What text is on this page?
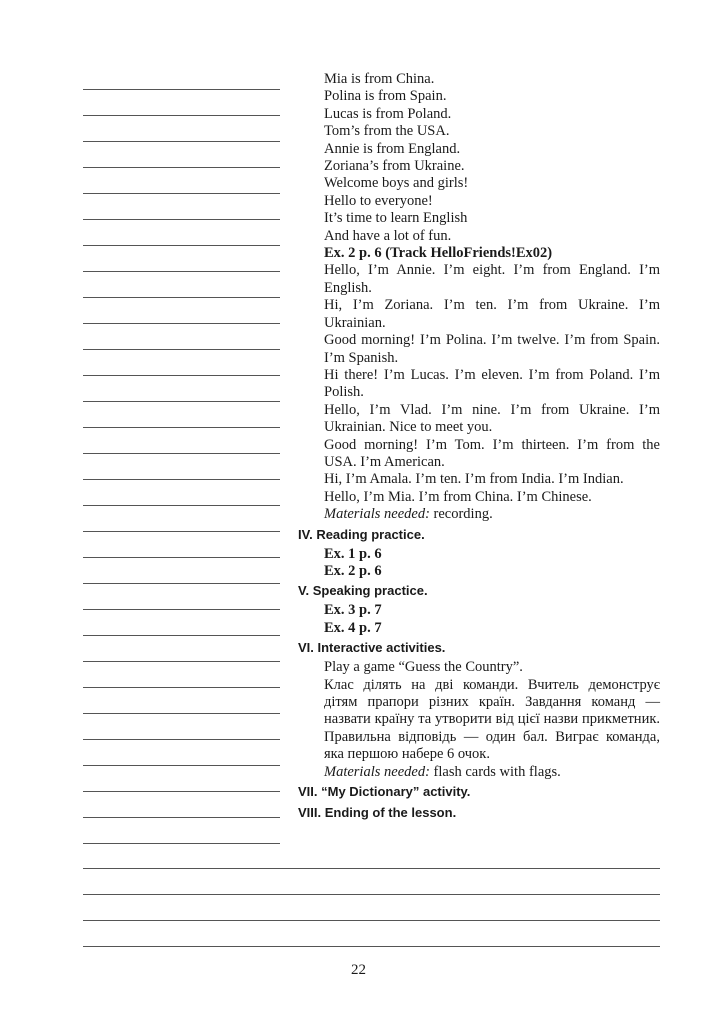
Mia is from China.
Polina is from Spain.
Lucas is from Poland.
Tom’s from the USA.
Annie is from England.
Zoriana’s from Ukraine.
Welcome boys and girls!
Hello to everyone!
It’s time to learn English
And have a lot of fun.
Ex. 2 p. 6 (Track HelloFriends!Ex02)
Hello, I’m Annie. I’m eight. I’m from England. I’m English.
Hi, I’m Zoriana. I’m ten. I’m from Ukraine. I’m Ukrainian.
Good morning! I’m Polina. I’m twelve. I’m from Spain. I’m Spanish.
Hi there! I’m Lucas. I’m eleven. I’m from Poland. I’m Polish.
Hello, I’m Vlad. I’m nine. I’m from Ukraine. I’m Ukrainian. Nice to meet you.
Good morning! I’m Tom. I’m thirteen. I’m from the USA. I’m American.
Hi, I’m Amala. I’m ten. I’m from India. I’m Indian.
Hello, I’m Mia. I’m from China. I’m Chinese.
Materials needed: recording.
IV. Reading practice.
Ex. 1 p. 6
Ex. 2 p. 6
V. Speaking practice.
Ex. 3 p. 7
Ex. 4 p. 7
VI. Interactive activities.
Play a game “Guess the Country”.
Клас ділять на дві команди. Вчитель демонструє дітям прапори різних країн. Завдання команд — назвати країну та утворити від цієї назви прикметник. Правильна відповідь — один бал. Виграє команда, яка першою набере 6 очок.
Materials needed: flash cards with flags.
VII. “My Dictionary” activity.
VIII. Ending of the lesson.
22
